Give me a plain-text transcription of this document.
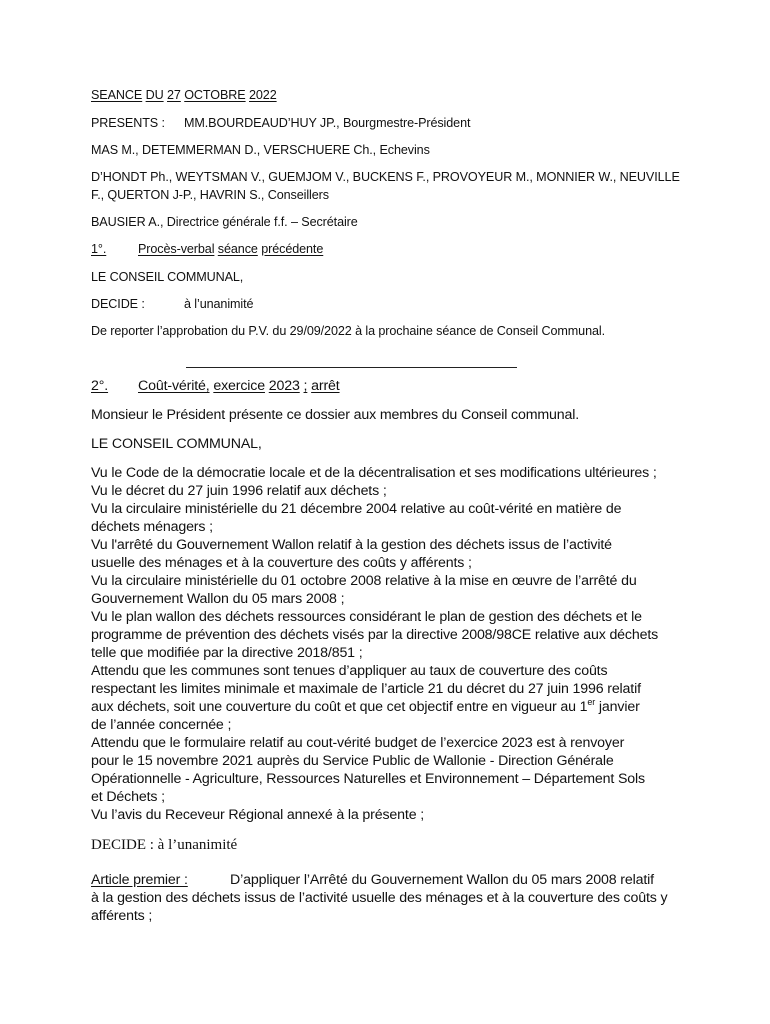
SEANCE DU 27 OCTOBRE 2022
PRESENTS : MM.BOURDEAUD’HUY JP., Bourgmestre-Président
MAS M., DETEMMERMAN D., VERSCHUERE Ch., Echevins
D’HONDT Ph., WEYTSMAN V., GUEMJOM V., BUCKENS F., PROVOYEUR M., MONNIER W., NEUVILLE
F., QUERTON J-P., HAVRIN S., Conseillers
BAUSIER A., Directrice générale f.f. – Secrétaire
1°.	Procès-verbal séance précédente
LE CONSEIL COMMUNAL,
DECIDE :	à l’unanimité
De reporter l’approbation du P.V. du 29/09/2022 à la prochaine séance de Conseil Communal.
2°. Coût-vérité, exercice 2023 ; arrêt
Monsieur le Président présente ce dossier aux membres du Conseil communal.
LE CONSEIL COMMUNAL,
Vu le Code de la démocratie locale et de la décentralisation et ses modifications ultérieures ;
Vu le décret du 27 juin 1996 relatif aux déchets ;
Vu la circulaire ministérielle du 21 décembre 2004 relative au coût-vérité en matière de
déchets ménagers ;
Vu l'arrêté du Gouvernement Wallon relatif à la gestion des déchets issus de l’activité
usuelle des ménages et à la couverture des coûts y afférents ;
Vu la circulaire ministérielle du 01 octobre 2008 relative à la mise en œuvre de l’arrêté du
Gouvernement Wallon du 05 mars 2008 ;
Vu le plan wallon des déchets ressources considérant le plan de gestion des déchets et le
programme de prévention des déchets visés par la directive 2008/98CE relative aux déchets
telle que modifiée par la directive 2018/851 ;
Attendu que les communes sont tenues d’appliquer au taux de couverture des coûts
respectant les limites minimale et maximale de l’article 21 du décret du 27 juin 1996 relatif
aux déchets, soit une couverture du coût et que cet objectif entre en vigueur au 1er janvier
de l’année concernée ;
Attendu que le formulaire relatif au cout-vérité budget de l’exercice 2023 est à renvoyer
pour le 15 novembre 2021 auprès du Service Public de Wallonie - Direction Générale
Opérationnelle - Agriculture, Ressources Naturelles et Environnement – Département Sols
et Déchets ;
Vu l’avis du Receveur Régional annexé à la présente ;
DECIDE : à l’unanimité
Article premier :	D’appliquer l’Arrêté du Gouvernement Wallon du 05 mars 2008 relatif
à la gestion des déchets issus de l’activité usuelle des ménages et à la couverture des coûts y
afférents ;
